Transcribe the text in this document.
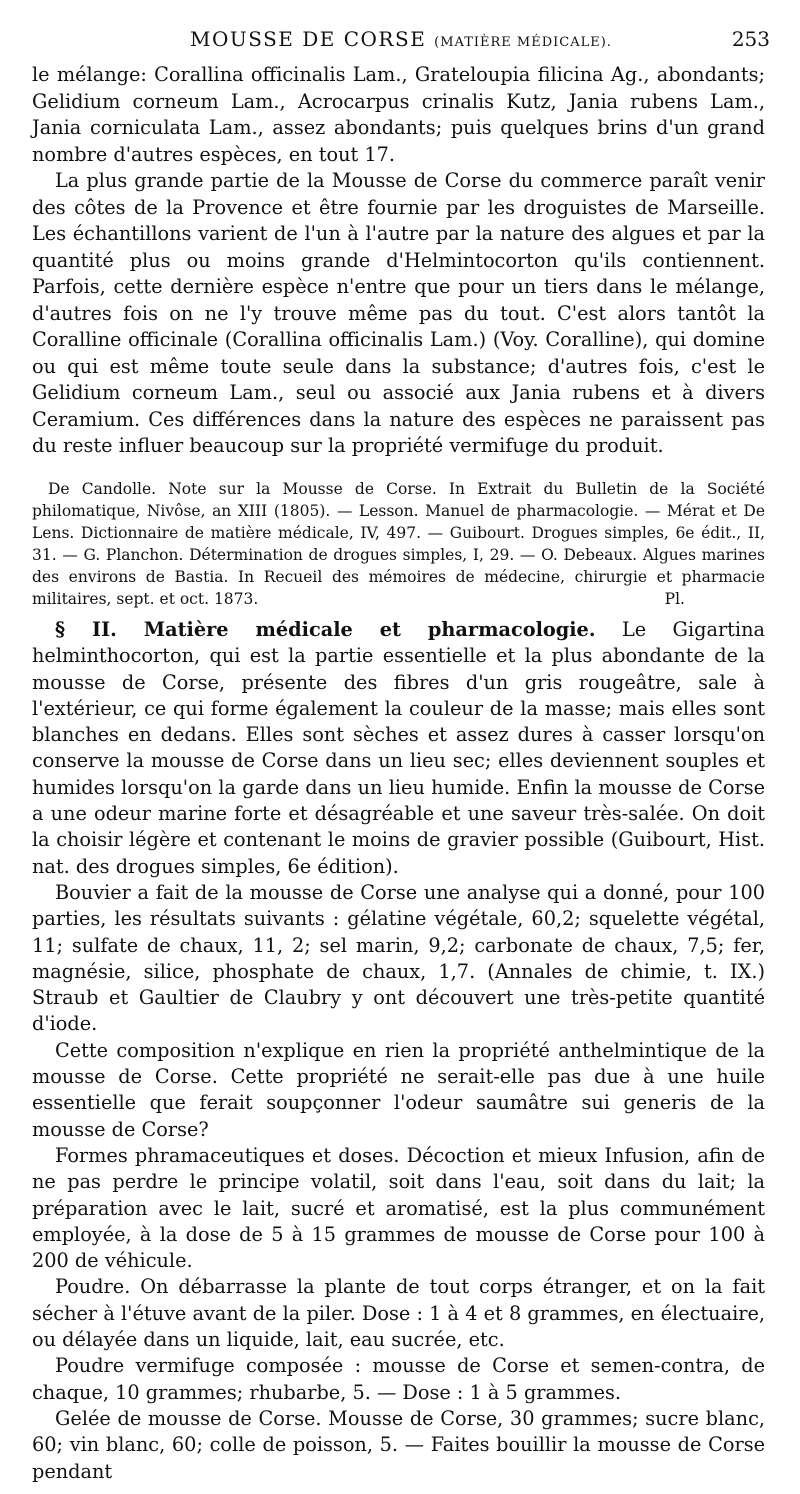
MOUSSE DE CORSE (MATIÈRE MÉDICALE).	253

le mélange: Corallina officinalis Lam., Grateloupia filicina Ag., abondants; Gelidium corneum Lam., Acrocarpus crinalis Kutz, Jania rubens Lam., Jania corniculata Lam., assez abondants; puis quelques brins d'un grand nombre d'autres espèces, en tout 17.

La plus grande partie de la Mousse de Corse du commerce paraît venir des côtes de la Provence et être fournie par les droguistes de Marseille. Les échantillons varient de l'un à l'autre par la nature des algues et par la quantité plus ou moins grande d'Helmintocorton qu'ils contiennent. Parfois, cette dernière espèce n'entre que pour un tiers dans le mélange, d'autres fois on ne l'y trouve même pas du tout. C'est alors tantôt la Coralline officinale (Corallina officinalis Lam.) (Voy. Coralline), qui domine ou qui est même toute seule dans la substance; d'autres fois, c'est le Gelidium corneum Lam., seul ou associé aux Jania rubens et à divers Ceramium. Ces différences dans la nature des espèces ne paraissent pas du reste influer beaucoup sur la propriété vermifuge du produit.

De Candolle. Note sur la Mousse de Corse. In Extrait du Bulletin de la Société philomatique, Nivôse, an XIII (1805). — Lesson. Manuel de pharmacologie. — Mérat et De Lens. Dictionnaire de matière médicale, IV, 497. — Guibourt. Drogues simples, 6e édit., II, 31. — G. Planchon. Détermination de drogues simples, I, 29. — O. Debeaux. Algues marines des environs de Bastia. In Recueil des mémoires de médecine, chirurgie et pharmacie militaires, sept. et oct. 1873.	Pl.

§ II. Matière médicale et pharmacologie. Le Gigartina helminthocorton, qui est la partie essentielle et la plus abondante de la mousse de Corse, présente des fibres d'un gris rougeâtre, sale à l'extérieur, ce qui forme également la couleur de la masse; mais elles sont blanches en dedans. Elles sont sèches et assez dures à casser lorsqu'on conserve la mousse de Corse dans un lieu sec; elles deviennent souples et humides lorsqu'on la garde dans un lieu humide. Enfin la mousse de Corse a une odeur marine forte et désagréable et une saveur très-salée. On doit la choisir légère et contenant le moins de gravier possible (Guibourt, Hist. nat. des drogues simples, 6e édition).

Bouvier a fait de la mousse de Corse une analyse qui a donné, pour 100 parties, les résultats suivants : gélatine végétale, 60,2; squelette végétal, 11; sulfate de chaux, 11, 2; sel marin, 9,2; carbonate de chaux, 7,5; fer, magnésie, silice, phosphate de chaux, 1,7. (Annales de chimie, t. IX.) Straub et Gaultier de Claubry y ont découvert une très-petite quantité d'iode.

Cette composition n'explique en rien la propriété anthelmintique de la mousse de Corse. Cette propriété ne serait-elle pas due à une huile essentielle que ferait soupçonner l'odeur saumâtre sui generis de la mousse de Corse?

Formes phramaceutiques et doses. Décoction et mieux Infusion, afin de ne pas perdre le principe volatil, soit dans l'eau, soit dans du lait; la préparation avec le lait, sucré et aromatisé, est la plus communément employée, à la dose de 5 à 15 grammes de mousse de Corse pour 100 à 200 de véhicule.

Poudre. On débarrasse la plante de tout corps étranger, et on la fait sécher à l'étuve avant de la piler. Dose : 1 à 4 et 8 grammes, en électuaire, ou délayée dans un liquide, lait, eau sucrée, etc.

Poudre vermifuge composée : mousse de Corse et semen-contra, de chaque, 10 grammes; rhubarbe, 5. — Dose : 1 à 5 grammes.

Gelée de mousse de Corse. Mousse de Corse, 30 grammes; sucre blanc, 60; vin blanc, 60; colle de poisson, 5. — Faites bouillir la mousse de Corse pendant
